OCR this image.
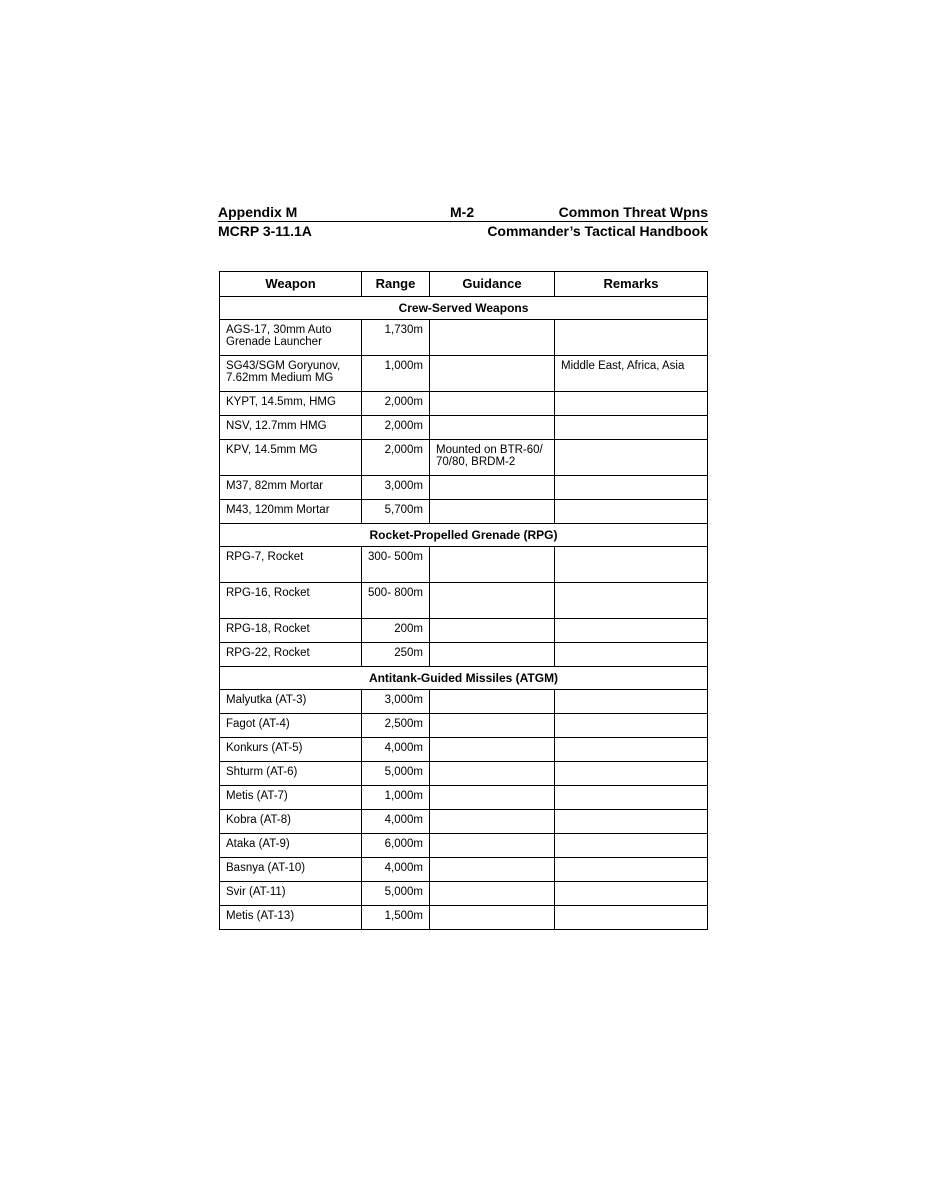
Appendix M	M-2	Common Threat Wpns
MCRP 3-11.1A	Commander’s Tactical Handbook
Weapon	Range	Guidance	Remarks
Crew-Served Weapons			
AGS-17, 30mm Auto Grenade Launcher	1,730m		
SG43/SGM Goryunov, 7.62mm Medium MG	1,000m		Middle East, Africa, Asia
KYPT, 14.5mm, HMG	2,000m		
NSV, 12.7mm HMG	2,000m		
KPV, 14.5mm MG	2,000m	Mounted on BTR-60/ 70/80, BRDM-2	
M37, 82mm Mortar	3,000m		
M43, 120mm Mortar	5,700m		
Rocket-Propelled Grenade (RPG)			
RPG-7, Rocket	300- 500m		
RPG-16, Rocket	500- 800m		
RPG-18, Rocket	200m		
RPG-22, Rocket	250m		
Antitank-Guided Missiles (ATGM)			
Malyutka (AT-3)	3,000m		
Fagot (AT-4)	2,500m		
Konkurs (AT-5)	4,000m		
Shturm (AT-6)	5,000m		
Metis (AT-7)	1,000m		
Kobra (AT-8)	4,000m		
Ataka (AT-9)	6,000m		
Basnya (AT-10)	4,000m		
Svir (AT-11)	5,000m		
Metis (AT-13)	1,500m		
